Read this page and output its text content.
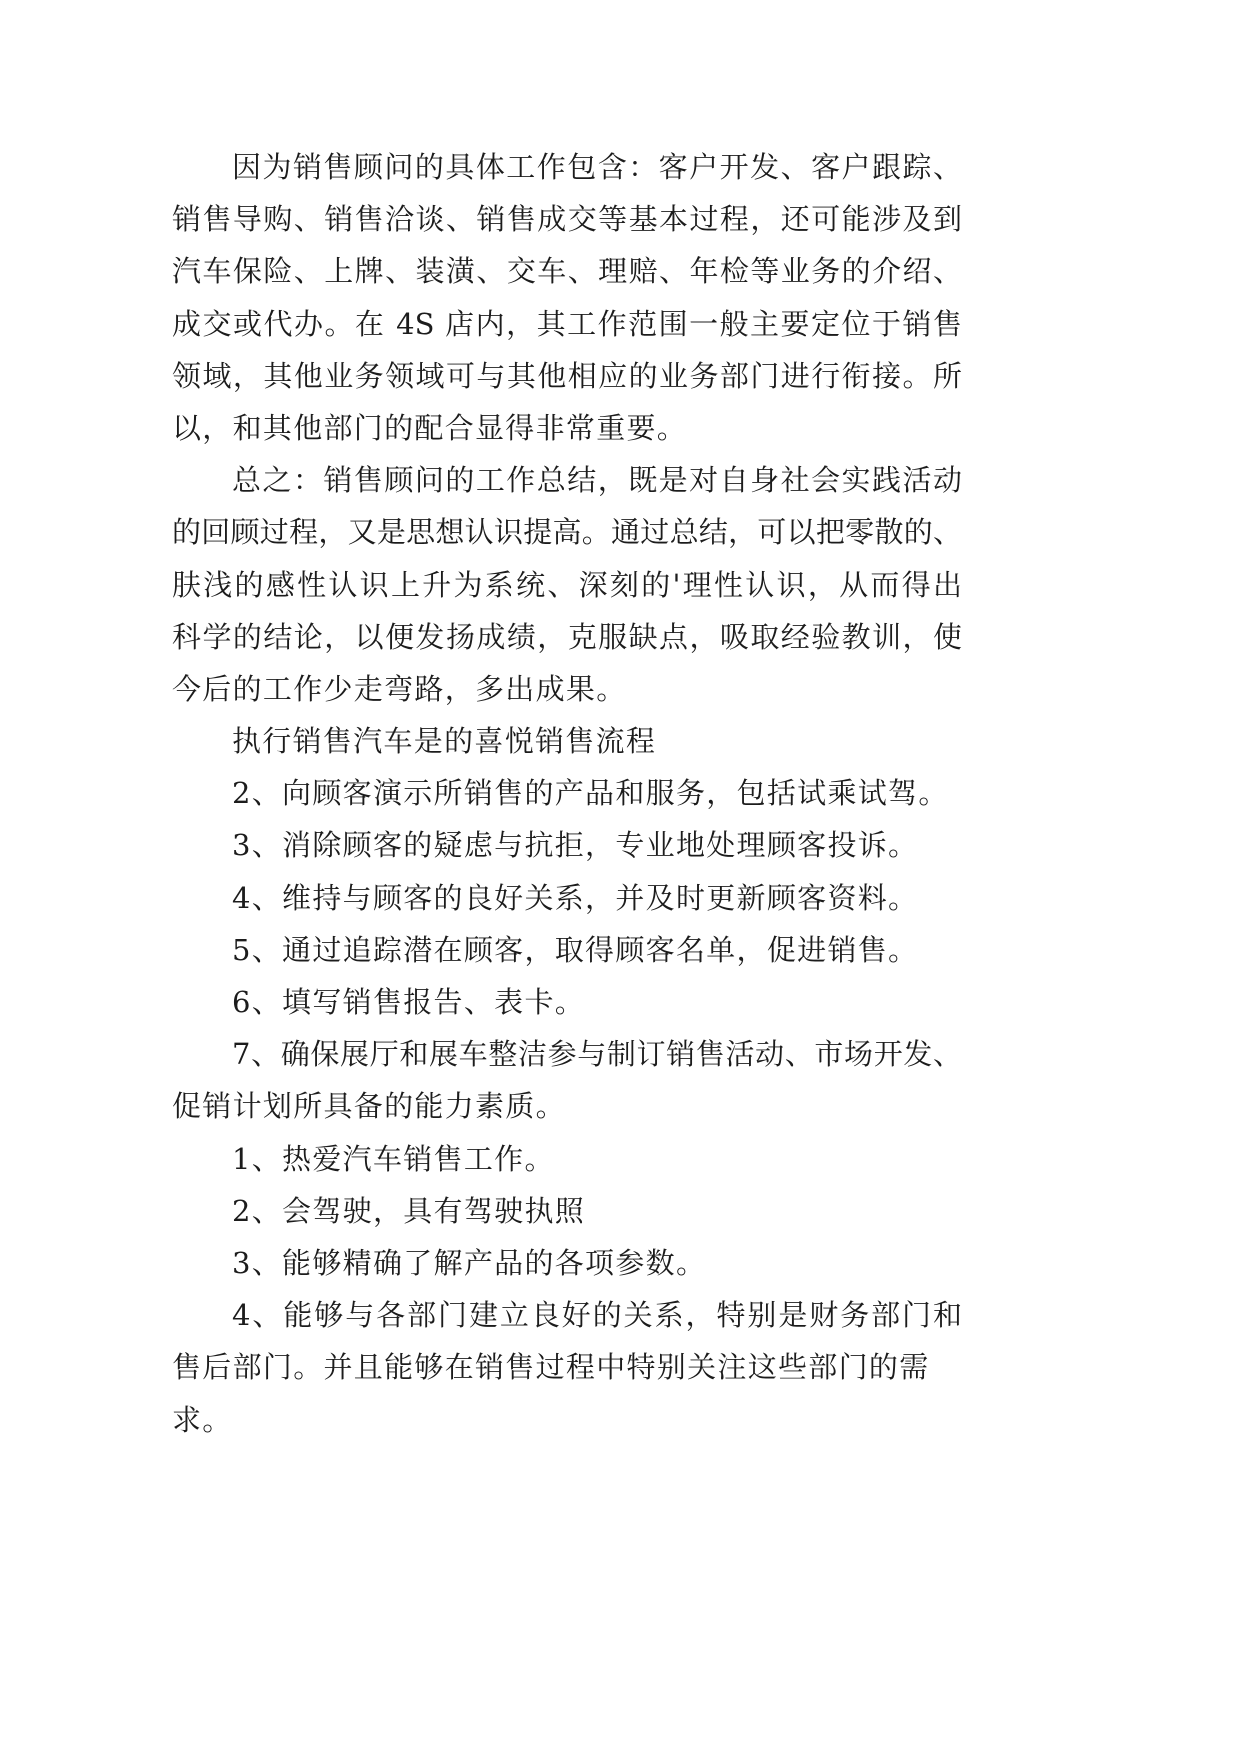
因为销售顾问的具体工作包含：客户开发、客户跟踪、
销售导购、销售洽谈、销售成交等基本过程，还可能涉及到
汽车保险、上牌、装潢、交车、理赔、年检等业务的介绍、
成交或代办。在 4S 店内，其工作范围一般主要定位于销售
领域，其他业务领域可与其他相应的业务部门进行衔接。所
以，和其他部门的配合显得非常重要。
总之：销售顾问的工作总结，既是对自身社会实践活动
的回顾过程，又是思想认识提高。通过总结，可以把零散的、
肤浅的感性认识上升为系统、深刻的'理性认识，从而得出
科学的结论，以便发扬成绩，克服缺点，吸取经验教训，使
今后的工作少走弯路，多出成果。
执行销售汽车是的喜悦销售流程
2、向顾客演示所销售的产品和服务，包括试乘试驾。
3、消除顾客的疑虑与抗拒，专业地处理顾客投诉。
4、维持与顾客的良好关系，并及时更新顾客资料。
5、通过追踪潜在顾客，取得顾客名单，促进销售。
6、填写销售报告、表卡。
7、确保展厅和展车整洁参与制订销售活动、市场开发、
促销计划所具备的能力素质。
1、热爱汽车销售工作。
2、会驾驶，具有驾驶执照
3、能够精确了解产品的各项参数。
4、能够与各部门建立良好的关系，特别是财务部门和
售后部门。并且能够在销售过程中特别关注这些部门的需求。
